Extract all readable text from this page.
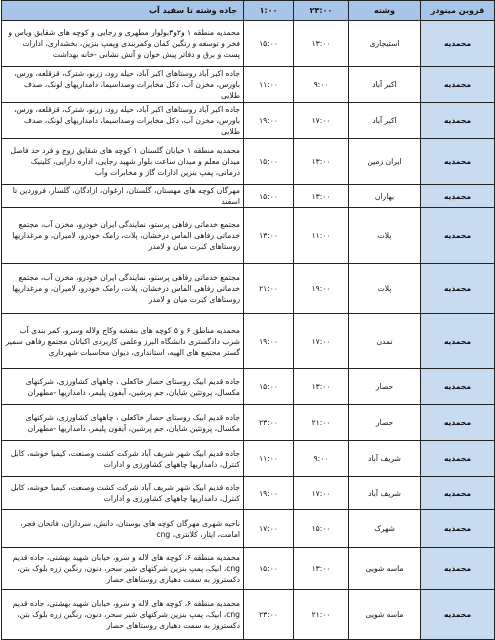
قزوین مینودر	وشته	۲۳:۰۰	۱:۰۰	جاده وشته تا سفید آب
محمدیه	استیجاری	۱۳:۰۰	۱۵:۰۰	محمدیه منطقه ۱ و۲و۳بولوار مطهری و رجایی و کوچه های شقایق ویاس و فخر و توسعه و رنگین کمان وکمربندی وپمپ بنزین، بخشداری، ادارات پست و برق و دفاتر پیش خوان و آتش نشانی -خانه بهداشت
محمدیه	اکبر آباد	۹:۰۰	۱۱:۰۰	جاده اکبر آباد روستاهای اکبر آباد، حیله رود، زرنو، شترک، قزقلعه، ورس، باورس، مخزن آب، دکل مخابرات وصداسیما، دامداریهای لونک، صدف طلایی
محمدیه	اکبر آباد	۱۷:۰۰	۱۹:۰۰	جاده اکبر آباد روستاهای اکبر آباد، حیله رود، زرنو، شترک، قزقلعه، ورس، باورس، مخزن آب، دکل مخابرات وصداسیما، دامداریهای لونک، صدف طلایی
محمدیه	ایران زمین	۱۳:۰۰	۱۵:۰۰	محمدیه منطقه ۱ خیابان گلستان ۱ کوچه های شقایق زوج و فرد حد فاصل میدان معلم و میدان ساعت بلوار شهید رجایی، اداره دارایی، کلینیک درمانی، پمپ بنزین ادارات گاز و مخابرات وآب
محمدیه	بهاران	۱۳:۰۰	۱۵:۰۰	مهرگان کوچه های مهستان، گلستان، ارغوان، ازادگان، گلسار، فروردین تا اسفند
محمدیه	پلات	۱۱:۰۰	۱۳:۰۰	مجتمع خدماتی رفاهی پرستو، نمایندگی ایران خودرو، مخزن آب، مجتمع خدماتی رفاهی الماس درخشان، پلات، رامک خودرو، لامیران، و مرغداریها روستاهای کبرت میان و لامدر
محمدیه	پلات	۱۹:۰۰	۲۱:۰۰	مجتمع خدماتی رفاهی پرستو، نمایندگی ایران خودرو، مخزن آب، مجتمع خدماتی رفاهی الماس درخشان، پلات، رامک خودرو، لامیران، و مرغداریها روستاهای کبرت میان و لامدر
محمدیه	تمدن	۱۷:۰۰	۱۹:۰۰	محمدیه مناطق ۶ و ۵ کوچه های بنفشه وکاج ولاله وسرو، کمر بندی آب شرب دادگستری دانشگاه البرز وعلمی کاربردی اکباتان مجتمع رفاهی سمیر گستر مجتمع های الهیه، استانداری، دیوان محاسبات شهرداری
محمدیه	حصار	۱۳:۰۰	۱۵:۰۰	جاده قدیم ابیک روستای حصار خاکعلی ، چاههای کشاورزی، شرکتهای مکسال، پروتئین شایان، جم پرشین، آیفون پلیمر، دامداریها -مطهران
محمدیه	حصار	۲۱:۰۰	۲۳:۰۰	جاده قدیم ابیک روستای حصار خاکعلی ، چاههای کشاورزی، شرکتهای مکسال، پروتئین شایان، جم پرشین، آیفون پلیمر، دامداریها -مطهران
محمدیه	شریف آباد	۹:۰۰	۱۱:۰۰	جاده قدیم ابیک شهر شریف آباد شرکت کشت وصنعت، کیمیا خوشه، کابل کنترل، دامداریها چاههای کشاورزی و ادارات
محمدیه	شریف آباد	۱۷:۰۰	۱۹:۰۰	جاده قدیم ابیک شهر شریف آباد شرکت کشت وصنعت، کیمیا خوشه، کابل کنترل، دامداریها چاههای کشاورزی و ادارات
محمدیه	شهرک	۱۵:۰۰	۱۷:۰۰	ناحیه شهری مهرگان کوچه های بوستان، دانش، سرداران، فاتحان فجر، امامت، ایثار، کلانتری، cng
محمدیه	ماسه شویی	۱۳:۰۰	۱۵:۰۰	محمدیه منطقه ۶، کوچه های لاله و سرو، خیابان شهید بهشتی، جاده قدیم cng، ابیک، پمپ بنزین شرکتهای شیر سحر، دنون، رنگین زره بلوک بتن، دکستروز به سمت دهیاری روستاهای حصار
محمدیه	ماسه شویی	۲۱:۰۰	۲۳:۰۰	محمدیه منطقه ۶، کوچه های لاله و سرو، خیابان شهید بهشتی، جاده قدیم cng، ابیک، پمپ بنزین شرکتهای شیر سحر، دنون، رنگین زره بلوک بتن، دکستروز به سمت دهیاری روستاهای حصار
